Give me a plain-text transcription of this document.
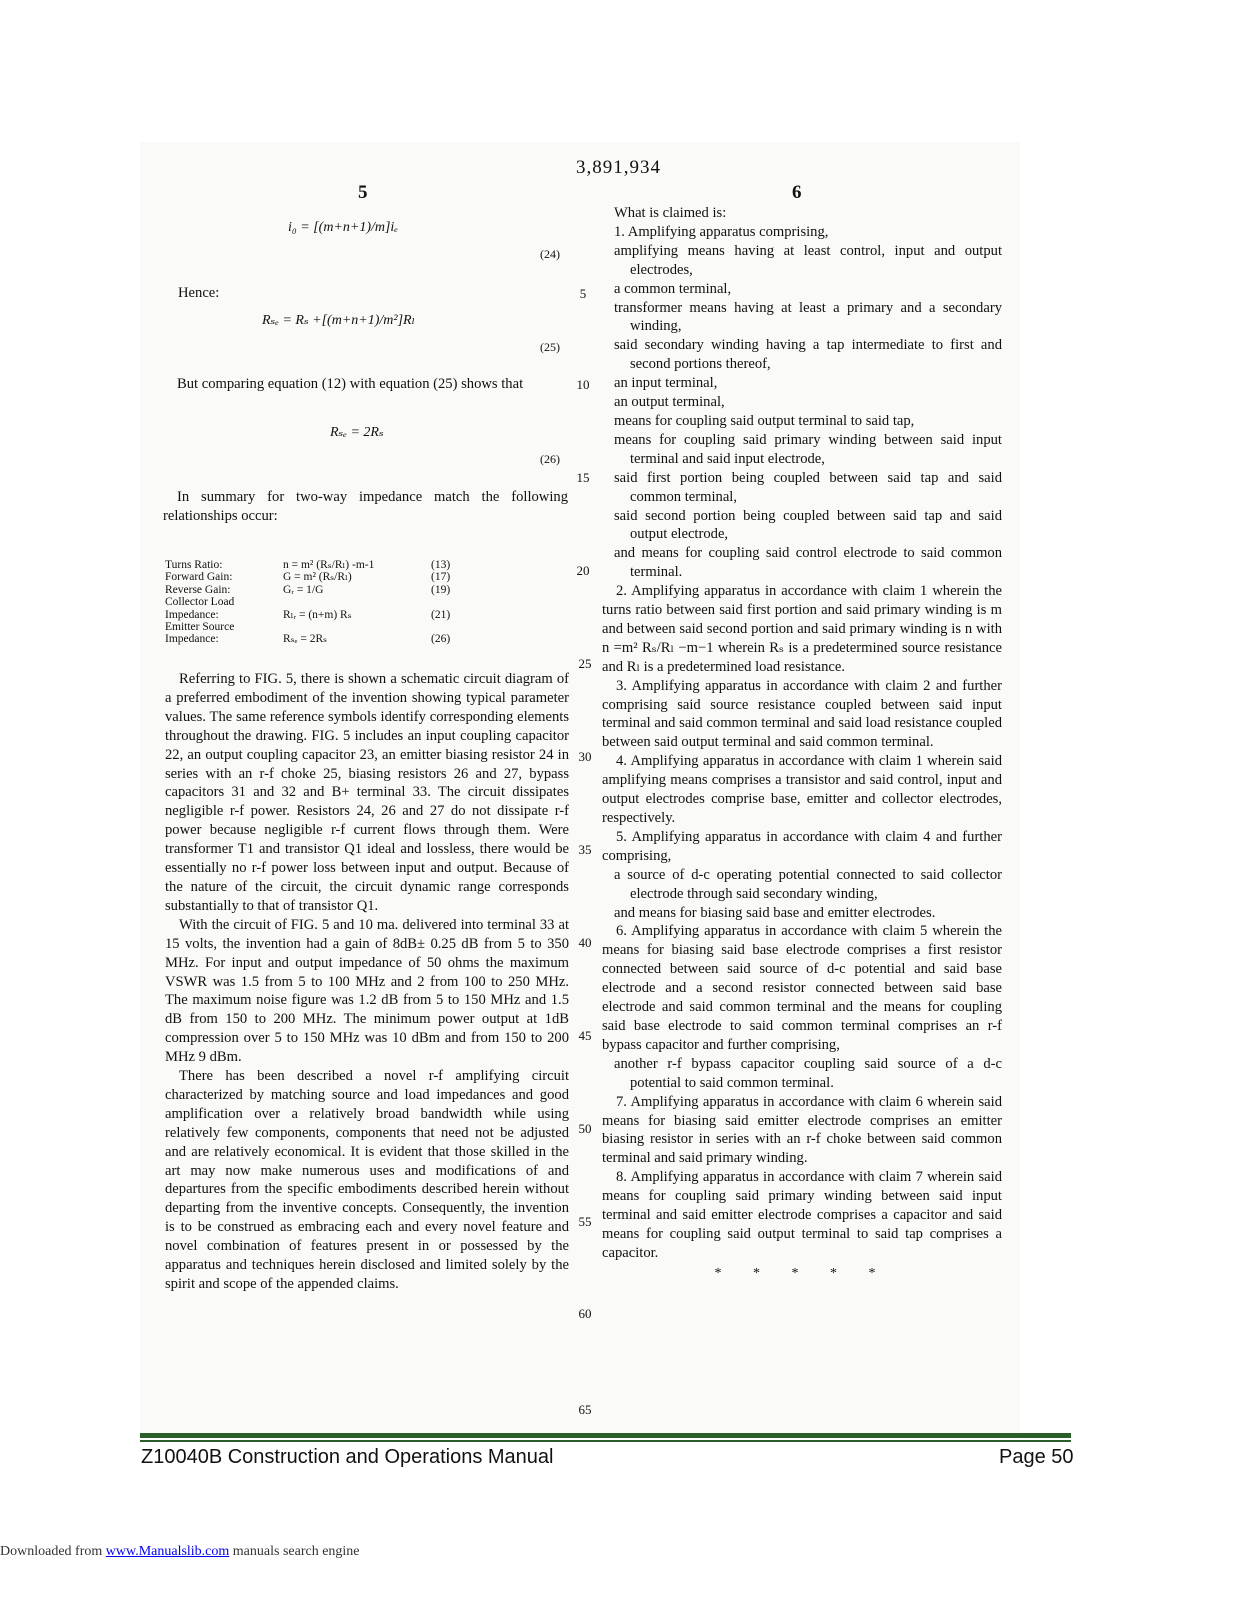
3,891,934
5	6
i₀ = [(m+n+1)/m]iₑ
(24)
Hence:
Rₛₑ = Rₛ +[(m+n+1)/m²]Rₗ
(25)

But comparing equation (12) with equation (25) shows that

Rₛₑ = 2Rₛ
(26)

In summary for two-way impedance match the following relationships occur:

Turns Ratio:	n = m² (Rₛ/Rₗ) -m-1	(13)
Forward Gain:	G = m² (Rₛ/Rₗ)	(17)
Reverse Gain:	Gᵣ = 1/G	(19)
Collector Load		
Impedance:	Rₗᵣ = (n+m) Rₛ	(21)
Emitter Source		
Impedance:	Rₛₑ = 2Rₛ	(26)

Referring to FIG. 5, there is shown a schematic circuit diagram of a preferred embodiment of the invention showing typical parameter values. The same reference symbols identify corresponding elements throughout the drawing. FIG. 5 includes an input coupling capacitor 22, an output coupling capacitor 23, an emitter biasing resistor 24 in series with an r-f choke 25, biasing resistors 26 and 27, bypass capacitors 31 and 32 and B+ terminal 33. The circuit dissipates negligible r-f power. Resistors 24, 26 and 27 do not dissipate r-f power because negligible r-f current flows through them. Were transformer T1 and transistor Q1 ideal and lossless, there would be essentially no r-f power loss between input and output. Because of the nature of the circuit, the circuit dynamic range corresponds substantially to that of transistor Q1.

With the circuit of FIG. 5 and 10 ma. delivered into terminal 33 at 15 volts, the invention had a gain of 8dB± 0.25 dB from 5 to 350 MHz. For input and output impedance of 50 ohms the maximum VSWR was 1.5 from 5 to 100 MHz and 2 from 100 to 250 MHz. The maximum noise figure was 1.2 dB from 5 to 150 MHz and 1.5 dB from 150 to 200 MHz. The minimum power output at 1dB compression over 5 to 150 MHz was 10 dBm and from 150 to 200 MHz 9 dBm.

There has been described a novel r-f amplifying circuit characterized by matching source and load impedances and good amplification over a relatively broad bandwidth while using relatively few components, components that need not be adjusted and are relatively economical. It is evident that those skilled in the art may now make numerous uses and modifications of and departures from the specific embodiments described herein without departing from the inventive concepts. Consequently, the invention is to be construed as embracing each and every novel feature and novel combination of features present in or possessed by the apparatus and techniques herein disclosed and limited solely by the spirit and scope of the appended claims.

5
10
15
20
25
30
35
40
45
50
55
60
65

What is claimed is:

1. Amplifying apparatus comprising,

amplifying means having at least control, input and output electrodes,

a common terminal,

transformer means having at least a primary and a secondary winding,

said secondary winding having a tap intermediate to first and second portions thereof,

an input terminal,

an output terminal,

means for coupling said output terminal to said tap,

means for coupling said primary winding between said input terminal and said input electrode,

said first portion being coupled between said tap and said common terminal,

said second portion being coupled between said tap and said output electrode,

and means for coupling said control electrode to said common terminal.

2. Amplifying apparatus in accordance with claim 1 wherein the turns ratio between said first portion and said primary winding is m and between said second portion and said primary winding is n with n =m² Rₛ/Rₗ −m−1 wherein Rₛ is a predetermined source resistance and Rₗ is a predetermined load resistance.

3. Amplifying apparatus in accordance with claim 2 and further comprising said source resistance coupled between said input terminal and said common terminal and said load resistance coupled between said output terminal and said common terminal.

4. Amplifying apparatus in accordance with claim 1 wherein said amplifying means comprises a transistor and said control, input and output electrodes comprise base, emitter and collector electrodes, respectively.

5. Amplifying apparatus in accordance with claim 4 and further comprising,

a source of d-c operating potential connected to said collector electrode through said secondary winding,

and means for biasing said base and emitter electrodes.

6. Amplifying apparatus in accordance with claim 5 wherein the means for biasing said base electrode comprises a first resistor connected between said source of d-c potential and said base electrode and a second resistor connected between said base electrode and said common terminal and the means for coupling said base electrode to said common terminal comprises an r-f bypass capacitor and further comprising,

another r-f bypass capacitor coupling said source of a d-c potential to said common terminal.

7. Amplifying apparatus in accordance with claim 6 wherein said means for biasing said emitter electrode comprises an emitter biasing resistor in series with an r-f choke between said common terminal and said primary winding.

8. Amplifying apparatus in accordance with claim 7 wherein said means for coupling said primary winding between said input terminal and said emitter electrode comprises a capacitor and said means for coupling said output terminal to said tap comprises a capacitor.

* * * * *

Z10040B Construction and Operations Manual	Page 50
Downloaded from www.Manualslib.com manuals search engine
